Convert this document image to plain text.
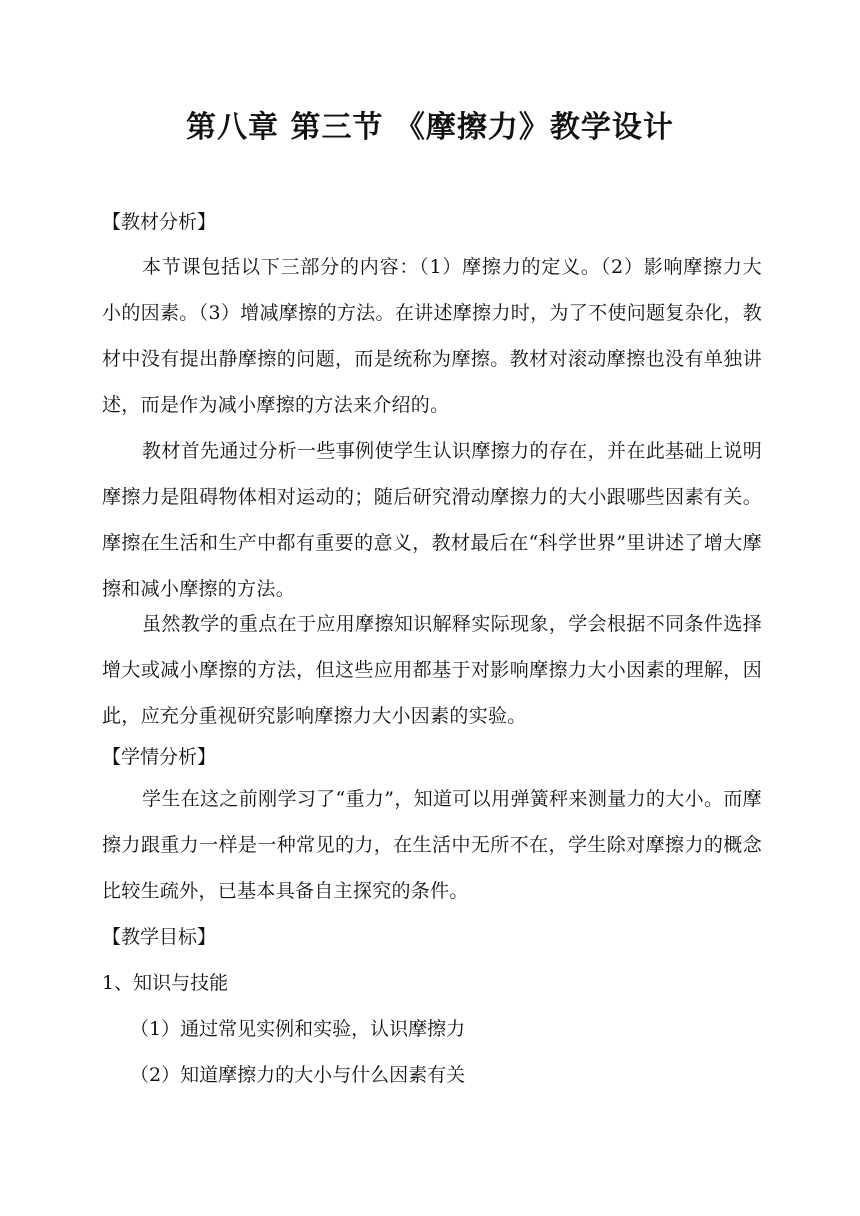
第八章 第三节 《摩擦力》教学设计

【教材分析】

本节课包括以下三部分的内容：（1）摩擦力的定义。（2）影响摩擦力大小的因素。（3）增减摩擦的方法。在讲述摩擦力时，为了不使问题复杂化，教材中没有提出静摩擦的问题，而是统称为摩擦。教材对滚动摩擦也没有单独讲述，而是作为减小摩擦的方法来介绍的。

教材首先通过分析一些事例使学生认识摩擦力的存在，并在此基础上说明摩擦力是阻碍物体相对运动的；随后研究滑动摩擦力的大小跟哪些因素有关。摩擦在生活和生产中都有重要的意义，教材最后在“科学世界”里讲述了增大摩擦和减小摩擦的方法。

虽然教学的重点在于应用摩擦知识解释实际现象，学会根据不同条件选择增大或减小摩擦的方法，但这些应用都基于对影响摩擦力大小因素的理解，因此，应充分重视研究影响摩擦力大小因素的实验。

【学情分析】

学生在这之前刚学习了“重力”，知道可以用弹簧秤来测量力的大小。而摩擦力跟重力一样是一种常见的力，在生活中无所不在，学生除对摩擦力的概念比较生疏外，已基本具备自主探究的条件。

【教学目标】

1、知识与技能

（1）通过常见实例和实验，认识摩擦力

（2）知道摩擦力的大小与什么因素有关
